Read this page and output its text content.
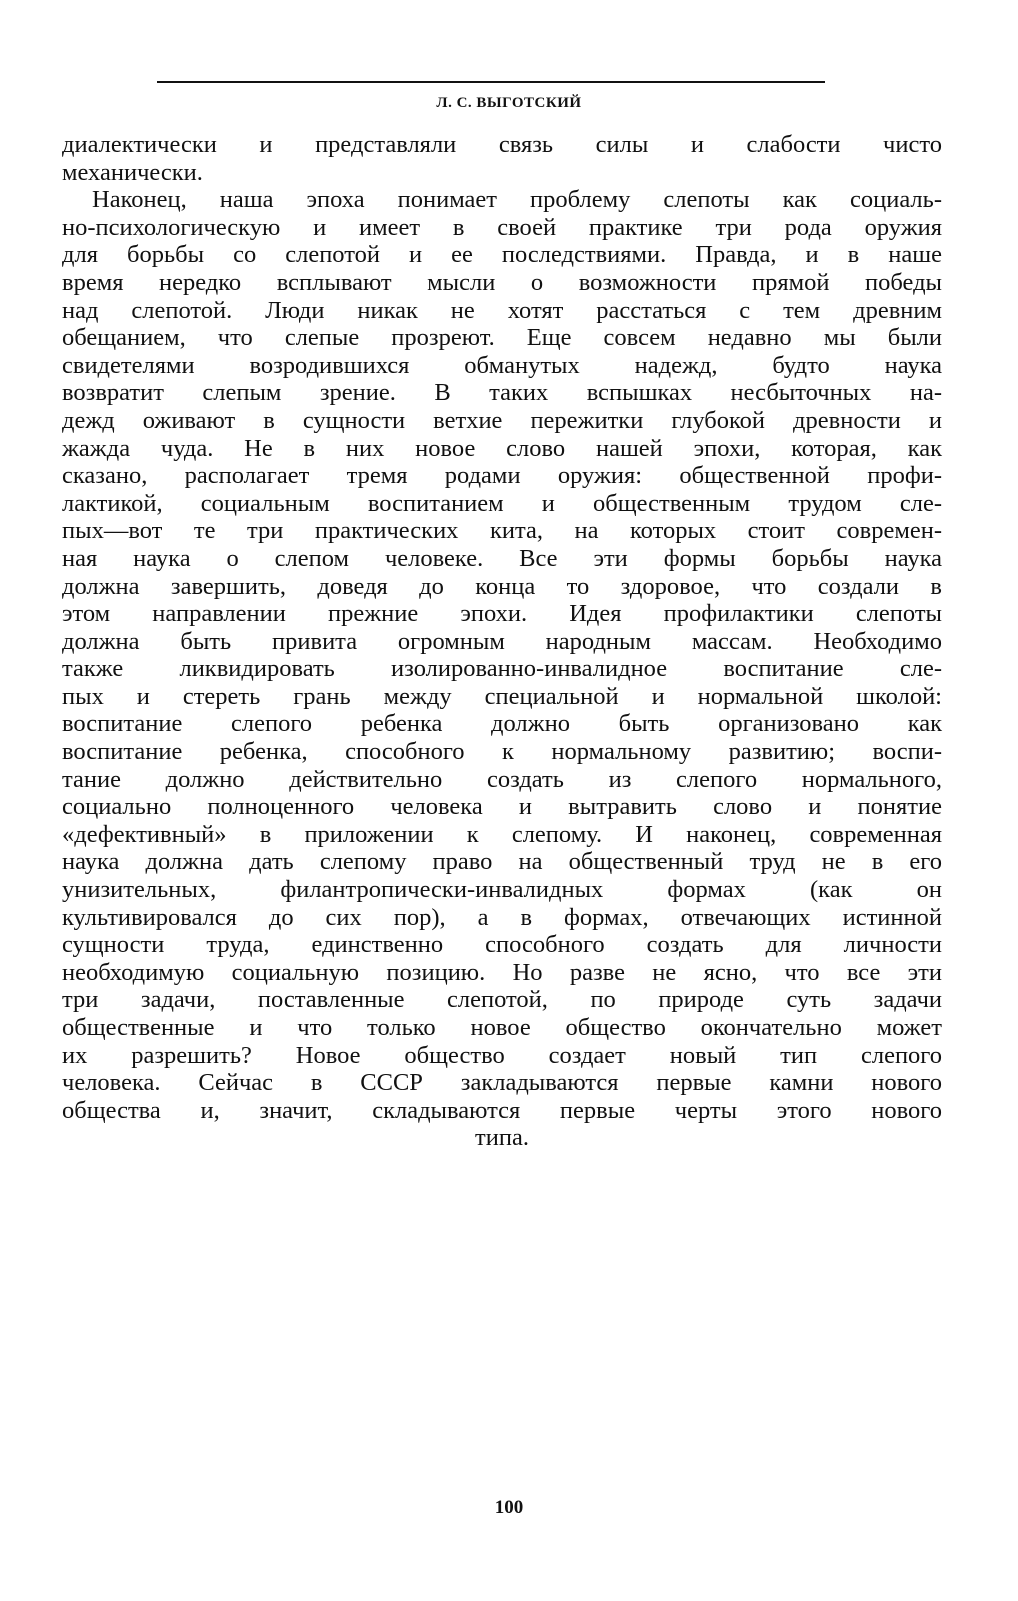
Л. С. ВЫГОТСКИЙ
диалектически и представляли связь силы и слабости чисто
механически.
Наконец, наша эпоха понимает проблему слепоты как социаль-
но-психологическую и имеет в своей практике три рода оружия
для борьбы со слепотой и ее последствиями. Правда, и в наше
время нередко всплывают мысли о возможности прямой победы
над слепотой. Люди никак не хотят расстаться с тем древним
обещанием, что слепые прозреют. Еще совсем недавно мы были
свидетелями возродившихся обманутых надежд, будто наука
возвратит слепым зрение. В таких вспышках несбыточных на-
дежд оживают в сущности ветхие пережитки глубокой древности и
жажда чуда. Не в них новое слово нашей эпохи, которая, как
сказано, располагает тремя родами оружия: общественной профи-
лактикой, социальным воспитанием и общественным трудом сле-
пых—вот те три практических кита, на которых стоит современ-
ная наука о слепом человеке. Все эти формы борьбы наука
должна завершить, доведя до конца то здоровое, что создали в
этом направлении прежние эпохи. Идея профилактики слепоты
должна быть привита огромным народным массам. Необходимо
также ликвидировать изолированно-инвалидное воспитание сле-
пых и стереть грань между специальной и нормальной школой:
воспитание слепого ребенка должно быть организовано как
воспитание ребенка, способного к нормальному развитию; воспи-
тание должно действительно создать из слепого нормального,
социально полноценного человека и вытравить слово и понятие
«дефективный» в приложении к слепому. И наконец, современная
наука должна дать слепому право на общественный труд не в его
унизительных, филантропически-инвалидных формах (как он
культивировался до сих пор), а в формах, отвечающих истинной
сущности труда, единственно способного создать для личности
необходимую социальную позицию. Но разве не ясно, что все эти
три задачи, поставленные слепотой, по природе суть задачи
общественные и что только новое общество окончательно может
их разрешить? Новое общество создает новый тип слепого
человека. Сейчас в СССР закладываются первые камни нового
общества и, значит, складываются первые черты этого нового
типа.
100
